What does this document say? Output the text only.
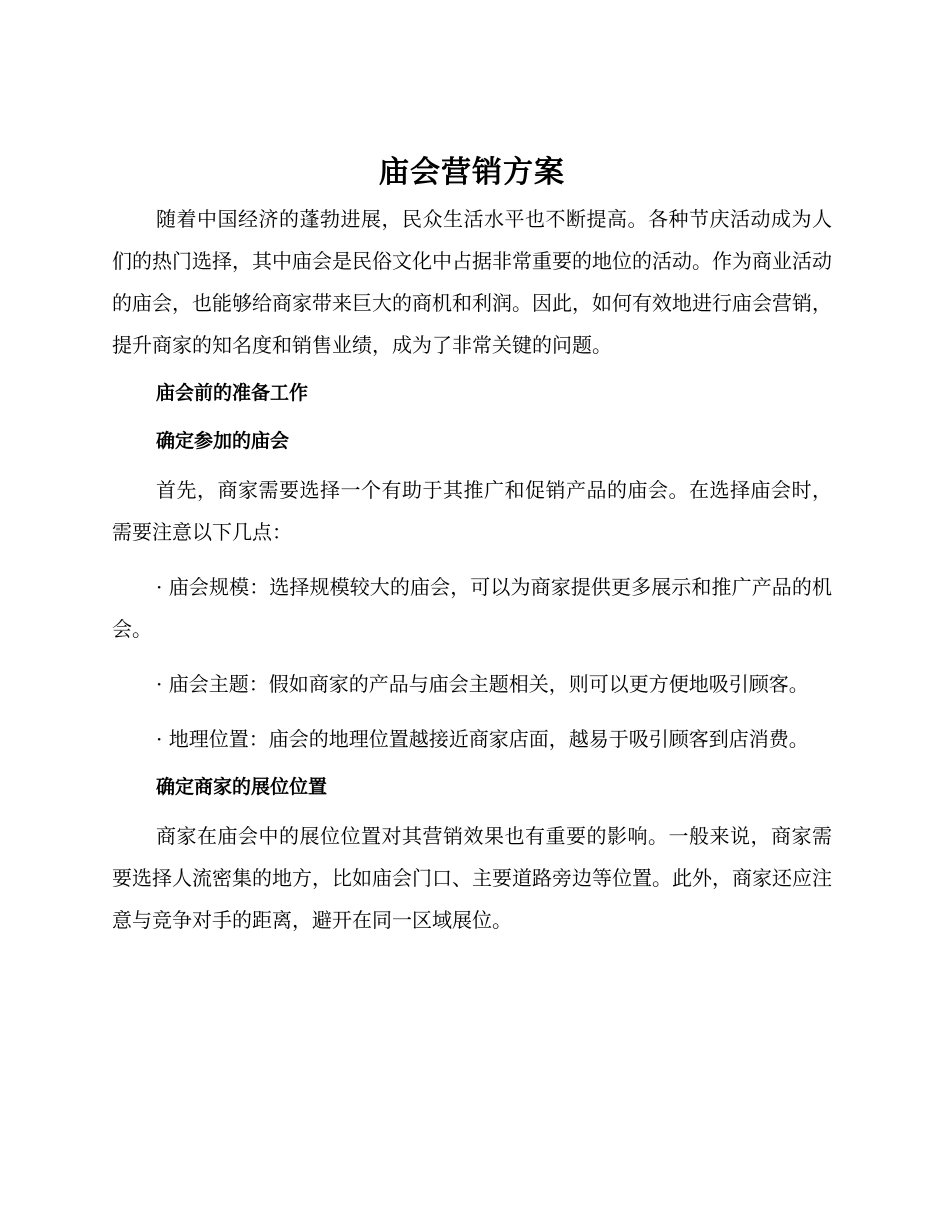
庙会营销方案

随着中国经济的蓬勃进展，民众生活水平也不断提高。各种节庆活动成为人们的热门选择，其中庙会是民俗文化中占据非常重要的地位的活动。作为商业活动的庙会，也能够给商家带来巨大的商机和利润。因此，如何有效地进行庙会营销，提升商家的知名度和销售业绩，成为了非常关键的问题。

庙会前的准备工作

确定参加的庙会

首先，商家需要选择一个有助于其推广和促销产品的庙会。在选择庙会时，需要注意以下几点：

· 庙会规模：选择规模较大的庙会，可以为商家提供更多展示和推广产品的机会。

· 庙会主题：假如商家的产品与庙会主题相关，则可以更方便地吸引顾客。

· 地理位置：庙会的地理位置越接近商家店面，越易于吸引顾客到店消费。

确定商家的展位位置

商家在庙会中的展位位置对其营销效果也有重要的影响。一般来说，商家需要选择人流密集的地方，比如庙会门口、主要道路旁边等位置。此外，商家还应注意与竞争对手的距离，避开在同一区域展位。
